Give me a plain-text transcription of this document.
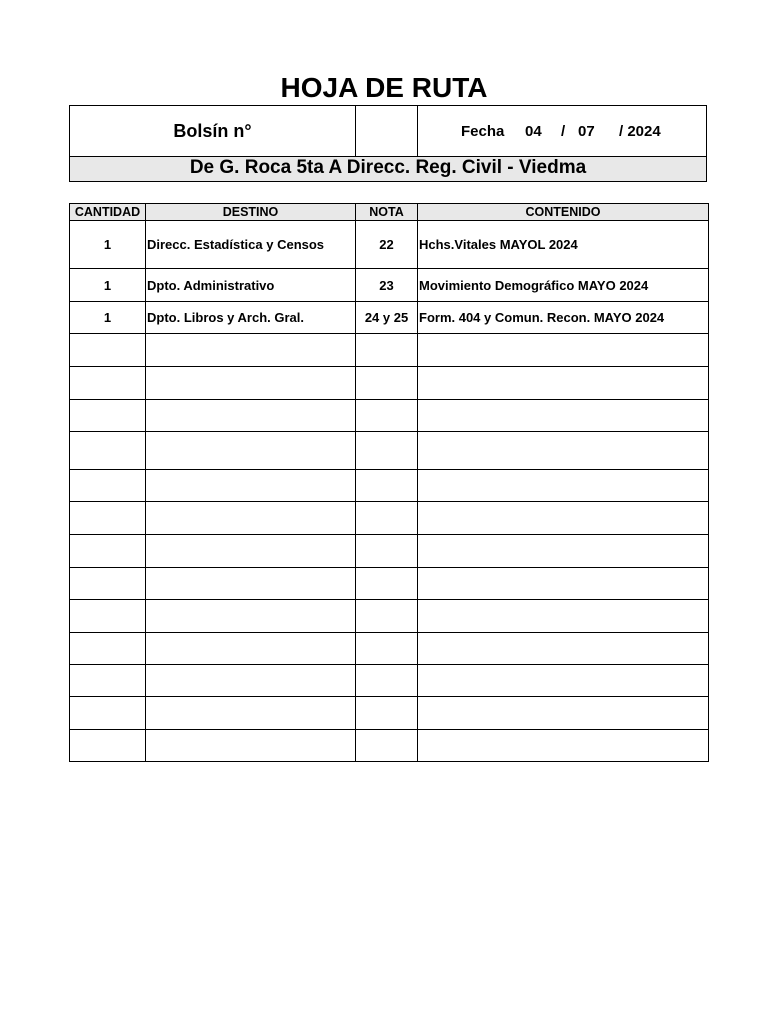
HOJA DE RUTA
Bolsín n°	Fecha 04 / 07 / 2024
De G. Roca 5ta A Direcc. Reg. Civil - Viedma
CANTIDAD	DESTINO	NOTA	CONTENIDO
1	Direcc. Estadística y Censos	22	Hchs.Vitales MAYOL 2024
1	Dpto. Administrativo	23	Movimiento Demográfico MAYO 2024
1	Dpto. Libros y Arch. Gral.	24 y 25	Form. 404 y Comun. Recon. MAYO 2024
